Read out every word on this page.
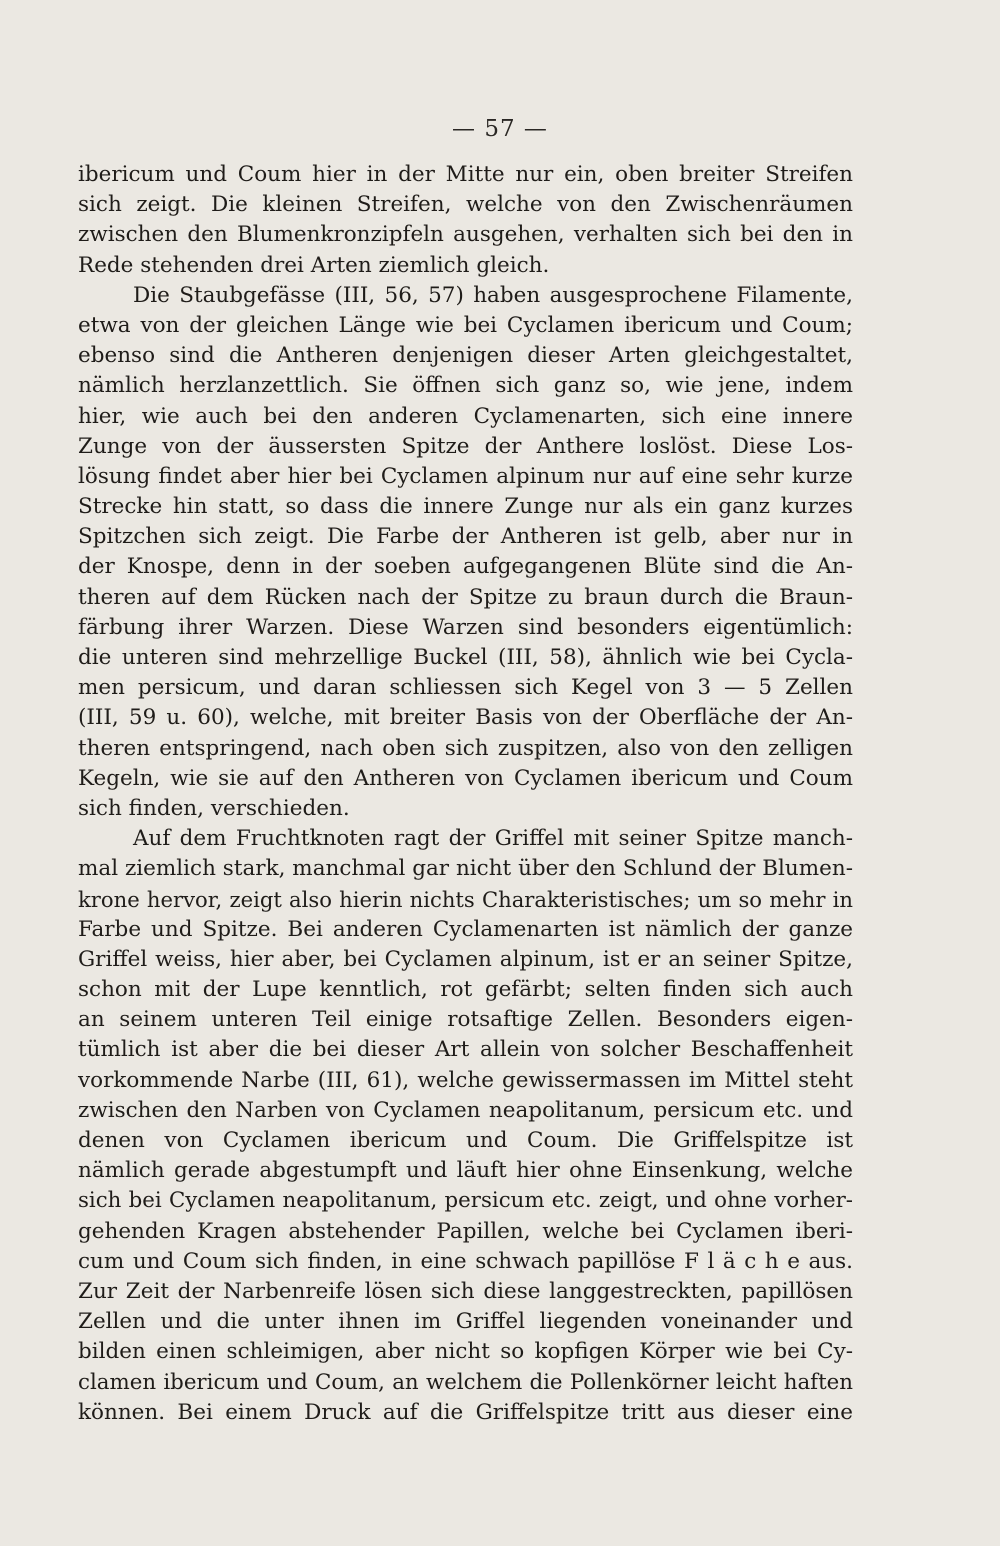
— 57 —
ibericum und Coum hier in der Mitte nur ein, oben breiter Streifen
sich zeigt. Die kleinen Streifen, welche von den Zwischenräumen
zwischen den Blumenkronzipfeln ausgehen, verhalten sich bei den in
Rede stehenden drei Arten ziemlich gleich.
Die Staubgefässe (III, 56, 57) haben ausgesprochene Filamente,
etwa von der gleichen Länge wie bei Cyclamen ibericum und Coum;
ebenso sind die Antheren denjenigen dieser Arten gleichgestaltet,
nämlich herzlanzettlich. Sie öffnen sich ganz so, wie jene, indem
hier, wie auch bei den anderen Cyclamenarten, sich eine innere
Zunge von der äussersten Spitze der Anthere loslöst. Diese Los-
lösung findet aber hier bei Cyclamen alpinum nur auf eine sehr kurze
Strecke hin statt, so dass die innere Zunge nur als ein ganz kurzes
Spitzchen sich zeigt. Die Farbe der Antheren ist gelb, aber nur in
der Knospe, denn in der soeben aufgegangenen Blüte sind die An-
theren auf dem Rücken nach der Spitze zu braun durch die Braun-
färbung ihrer Warzen. Diese Warzen sind besonders eigentümlich:
die unteren sind mehrzellige Buckel (III, 58), ähnlich wie bei Cycla-
men persicum, und daran schliessen sich Kegel von 3 — 5 Zellen
(III, 59 u. 60), welche, mit breiter Basis von der Oberfläche der An-
theren entspringend, nach oben sich zuspitzen, also von den zelligen
Kegeln, wie sie auf den Antheren von Cyclamen ibericum und Coum
sich finden, verschieden.
Auf dem Fruchtknoten ragt der Griffel mit seiner Spitze manch-
mal ziemlich stark, manchmal gar nicht über den Schlund der Blumen-
krone hervor, zeigt also hierin nichts Charakteristisches; um so mehr in
Farbe und Spitze. Bei anderen Cyclamenarten ist nämlich der ganze
Griffel weiss, hier aber, bei Cyclamen alpinum, ist er an seiner Spitze,
schon mit der Lupe kenntlich, rot gefärbt; selten finden sich auch
an seinem unteren Teil einige rotsaftige Zellen. Besonders eigen-
tümlich ist aber die bei dieser Art allein von solcher Beschaffenheit
vorkommende Narbe (III, 61), welche gewissermassen im Mittel steht
zwischen den Narben von Cyclamen neapolitanum, persicum etc. und
denen von Cyclamen ibericum und Coum. Die Griffelspitze ist
nämlich gerade abgestumpft und läuft hier ohne Einsenkung, welche
sich bei Cyclamen neapolitanum, persicum etc. zeigt, und ohne vorher-
gehenden Kragen abstehender Papillen, welche bei Cyclamen iberi-
cum und Coum sich finden, in eine schwach papillöse F l ä c h e aus.
Zur Zeit der Narbenreife lösen sich diese langgestreckten, papillösen
Zellen und die unter ihnen im Griffel liegenden voneinander und
bilden einen schleimigen, aber nicht so kopfigen Körper wie bei Cy-
clamen ibericum und Coum, an welchem die Pollenkörner leicht haften
können. Bei einem Druck auf die Griffelspitze tritt aus dieser eine
